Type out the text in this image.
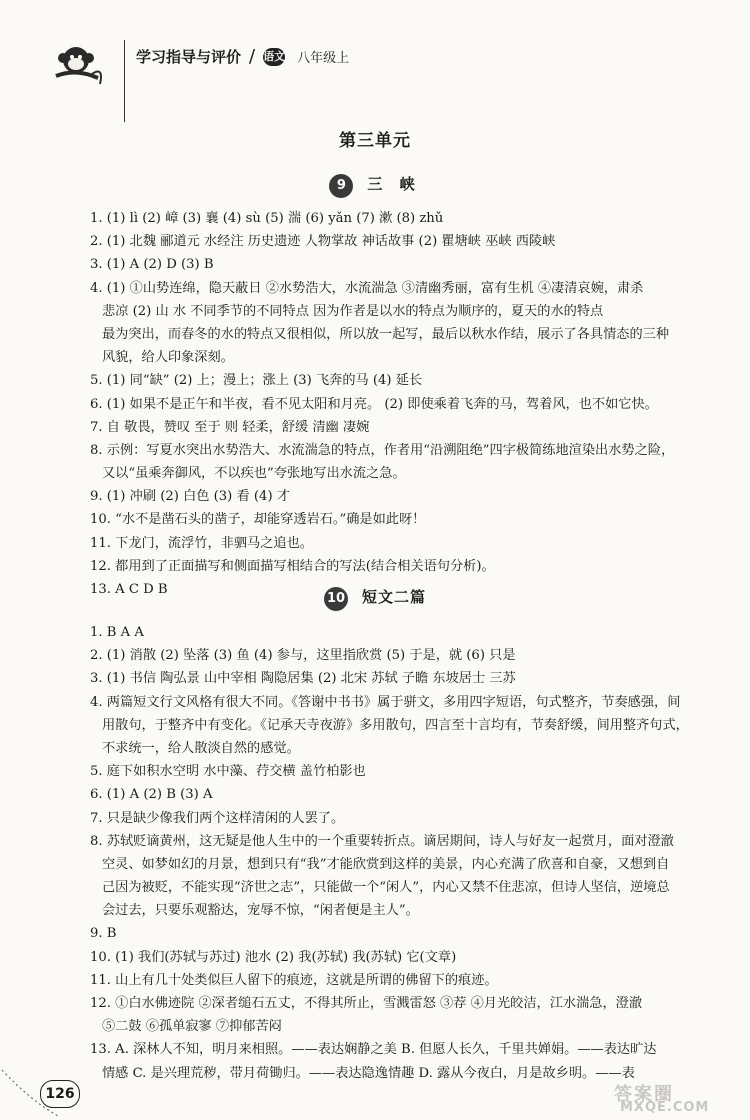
学习指导与评价 / 语文 八年级上
第三单元
9 三 峡
1. (1) lì (2) 嶂 (3) 襄 (4) sù (5) 湍 (6) yǎn (7) 漱 (8) zhǔ
2. (1) 北魏 郦道元 水经注 历史遗迹 人物掌故 神话故事 (2) 瞿塘峡 巫峡 西陵峡
3. (1) A (2) D (3) B
4. (1) ①山势连绵，隐天蔽日 ②水势浩大，水流湍急 ③清幽秀丽，富有生机 ④凄清哀婉，肃杀
悲凉 (2) 山 水 不同季节的不同特点 因为作者是以水的特点为顺序的，夏天的水的特点
最为突出，而春冬的水的特点又很相似，所以放一起写，最后以秋水作结，展示了各具情态的三种
风貌，给人印象深刻。
5. (1) 同“缺” (2) 上；漫上；涨上 (3) 飞奔的马 (4) 延长
6. (1) 如果不是正午和半夜，看不见太阳和月亮。 (2) 即使乘着飞奔的马，驾着风，也不如它快。
7. 自 敬畏，赞叹 至于 则 轻柔，舒缓 清幽 凄婉
8. 示例：写夏水突出水势浩大、水流湍急的特点，作者用“沿溯阻绝”四字极简练地渲染出水势之险，
又以“虽乘奔御风，不以疾也”夸张地写出水流之急。
9. (1) 冲刷 (2) 白色 (3) 看 (4) 才
10. “水不是凿石头的凿子，却能穿透岩石。”确是如此呀！
11. 下龙门，流浮竹，非驷马之追也。
12. 都用到了正面描写和侧面描写相结合的写法(结合相关语句分析)。
13. A C D B
10 短文二篇
1. B A A
2. (1) 消散 (2) 坠落 (3) 鱼 (4) 参与，这里指欣赏 (5) 于是，就 (6) 只是
3. (1) 书信 陶弘景 山中宰相 陶隐居集 (2) 北宋 苏轼 子瞻 东坡居士 三苏
4. 两篇短文行文风格有很大不同。《答谢中书书》属于骈文，多用四字短语，句式整齐，节奏感强，间
用散句，于整齐中有变化。《记承天寺夜游》多用散句，四言至十言均有，节奏舒缓，间用整齐句式，
不求统一，给人散淡自然的感觉。
5. 庭下如积水空明 水中藻、荇交横 盖竹柏影也
6. (1) A (2) B (3) A
7. 只是缺少像我们两个这样清闲的人罢了。
8. 苏轼贬谪黄州，这无疑是他人生中的一个重要转折点。谪居期间，诗人与好友一起赏月，面对澄澈
空灵、如梦如幻的月景，想到只有“我”才能欣赏到这样的美景，内心充满了欣喜和自豪，又想到自
己因为被贬，不能实现“济世之志”，只能做一个“闲人”，内心又禁不住悲凉，但诗人坚信，逆境总
会过去，只要乐观豁达，宠辱不惊，“闲者便是主人”。
9. B
10. (1) 我们(苏轼与苏过) 池水 (2) 我(苏轼) 我(苏轼) 它(文章)
11. 山上有几十处类似巨人留下的痕迹，这就是所谓的佛留下的痕迹。
12. ①白水佛迹院 ②深者缒石五丈，不得其所止，雪溅雷怒 ③荐 ④月光皎洁，江水湍急，澄澈
⑤二鼓 ⑥孤单寂寥 ⑦抑郁苦闷
13. A. 深林人不知，明月来相照。——表达娴静之美 B. 但愿人长久，千里共婵娟。——表达旷达
情感 C. 是兴理荒秽，带月荷锄归。——表达隐逸情趣 D. 露从今夜白，月是故乡明。——表
126	答案圈
MXQE.COM
